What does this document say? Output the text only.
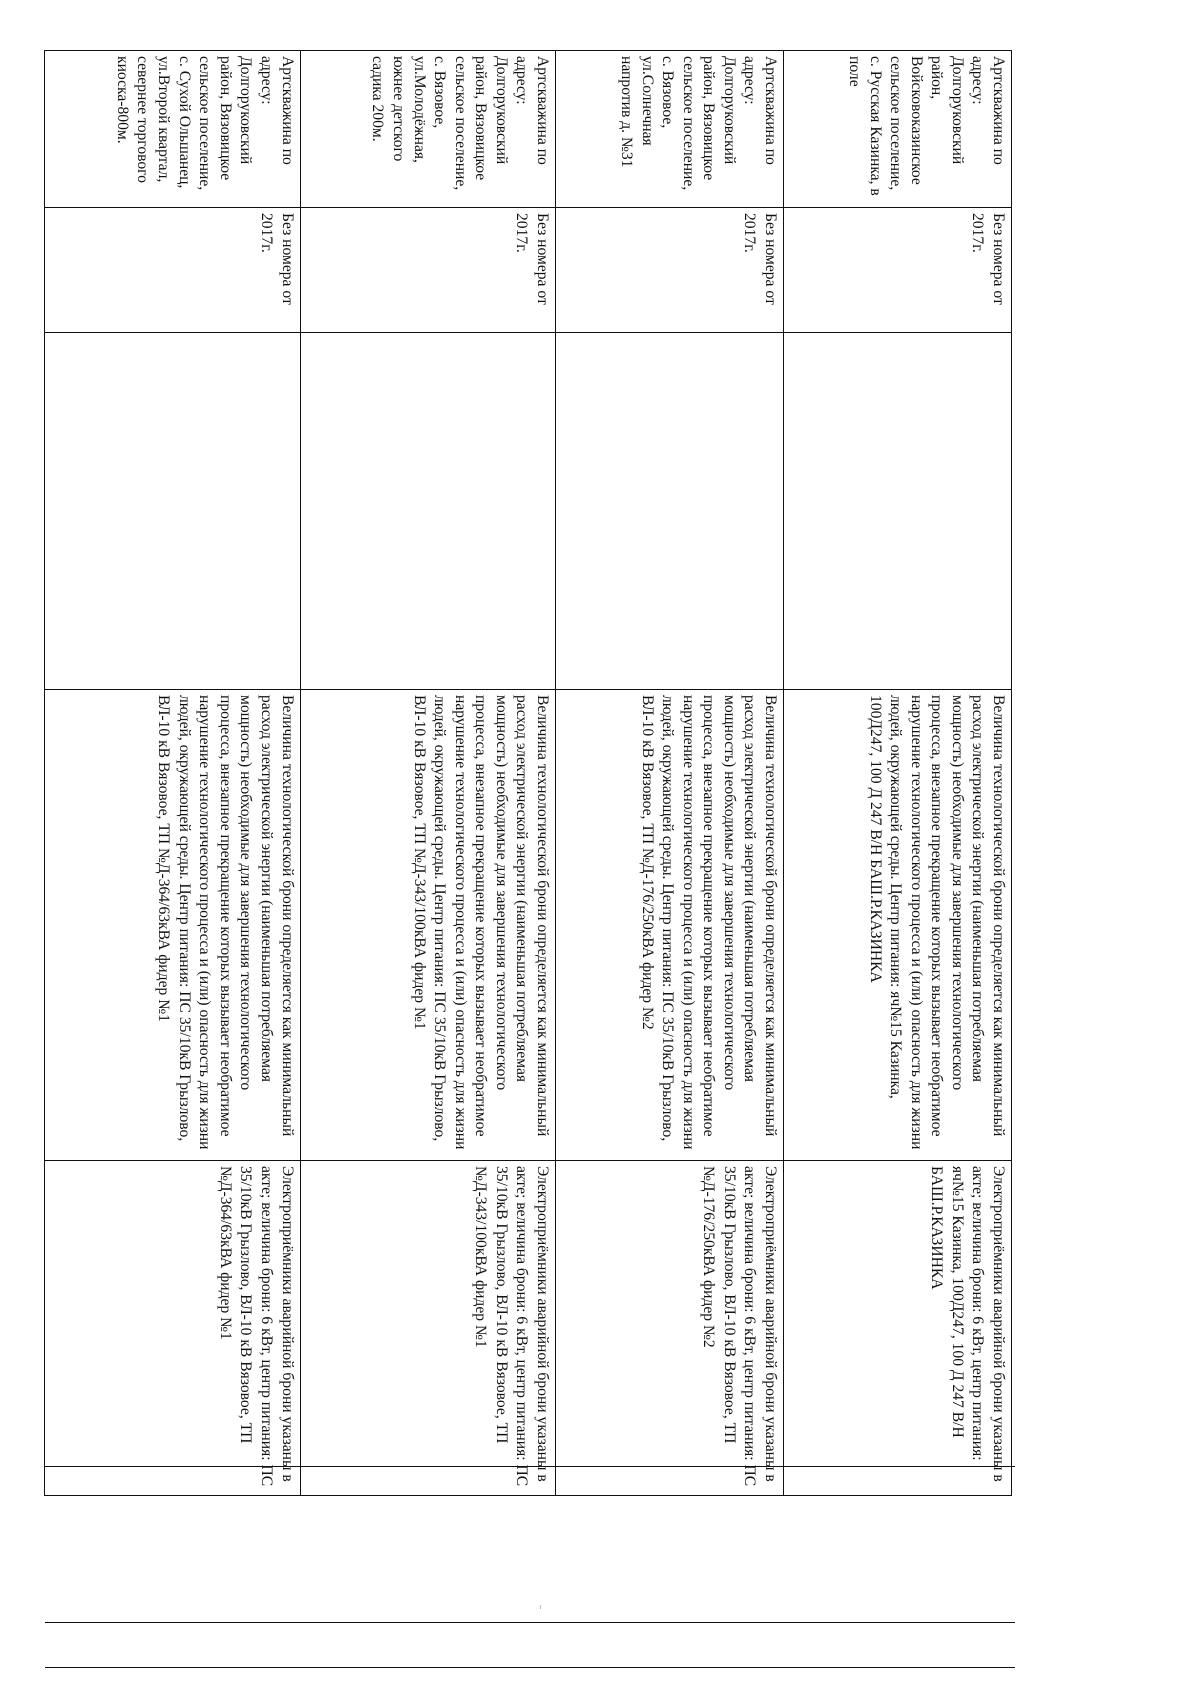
Артскважина по адресу: Долгоруковский район, Войсковоказинское сельское поселение, с. Русская Казинка, в поле	Без номера от 2017г.		Величина технологической брони определяется как минимальный расход электрической энергии (наименьшая потребляемая мощность) необходимые для завершения технологического процесса, внезапное прекращение которых вызывает необратимое нарушение технологического процесса и (или) опасность для жизни людей, окружающей среды. Центр питания: яч№15 Казинка, 100Д247, 100 Д 247 В/Н БАШ.Р.КАЗИНКА	Электроприёмники аварийной брони указаны в акте; величина брони: 6 кВт, центр питания: яч№15 Казинка, 100Д247, 100 Д 247 В/Н БАШ.Р.КАЗИНКА
Артскважина по адресу: Долгоруковский район, Вязовицкое сельское поселение, с. Вязовое, ул.Солнечная напротив д. №31	Без номера от 2017г.		Величина технологической брони определяется как минимальный расход электрической энергии (наименьшая потребляемая мощность) необходимые для завершения технологического процесса, внезапное прекращение которых вызывает необратимое нарушение технологического процесса и (или) опасность для жизни людей, окружающей среды. Центр питания: ПС 35/10кВ Грызлово, ВЛ-10 кВ Вязовое, ТП №Д-176/250кВА фидер №2	Электроприёмники аварийной брони указаны в акте; величина брони: 6 кВт, центр питания: ПС 35/10кВ Грызлово, ВЛ-10 кВ Вязовое, ТП №Д-176/250кВА фидер №2
Артскважина по адресу: Долгоруковский район, Вязовицкое сельское поселение, с. Вязовое, ул.Молодёжная, южнее детского садика 200м.	Без номера от 2017г.		Величина технологической брони определяется как минимальный расход электрической энергии (наименьшая потребляемая мощность) необходимые для завершения технологического процесса, внезапное прекращение которых вызывает необратимое нарушение технологического процесса и (или) опасность для жизни людей, окружающей среды. Центр питания: ПС 35/10кВ Грызлово, ВЛ-10 кВ Вязовое, ТП №Д-343/100кВА фидер №1	Электроприёмники аварийной брони указаны в акте; величина брони: 6 кВт, центр питания: ПС 35/10кВ Грызлово, ВЛ-10 кВ Вязовое, ТП №Д-343/100кВА фидер №1
Артскважина по адресу: Долгоруковский район, Вязовицкое сельское поселение, с. Сухой Ольшанец, ул.Второй квартал, севернее торгового киоска-800м.	Без номера от 2017г.		Величина технологической брони определяется как минимальный расход электрической энергии (наименьшая потребляемая мощность) необходимые для завершения технологического процесса, внезапное прекращение которых вызывает необратимое нарушение технологического процесса и (или) опасность для жизни людей, окружающей среды. Центр питания: ПС 35/10кВ Грызлово, ВЛ-10 кВ Вязовое, ТП №Д-364/63кВА фидер №1	Электроприёмники аварийной брони указаны в акте; величина брони: 6 кВт, центр питания: ПС 35/10кВ Грызлово, ВЛ-10 кВ Вязовое, ТП №Д-364/63кВА фидер №1
